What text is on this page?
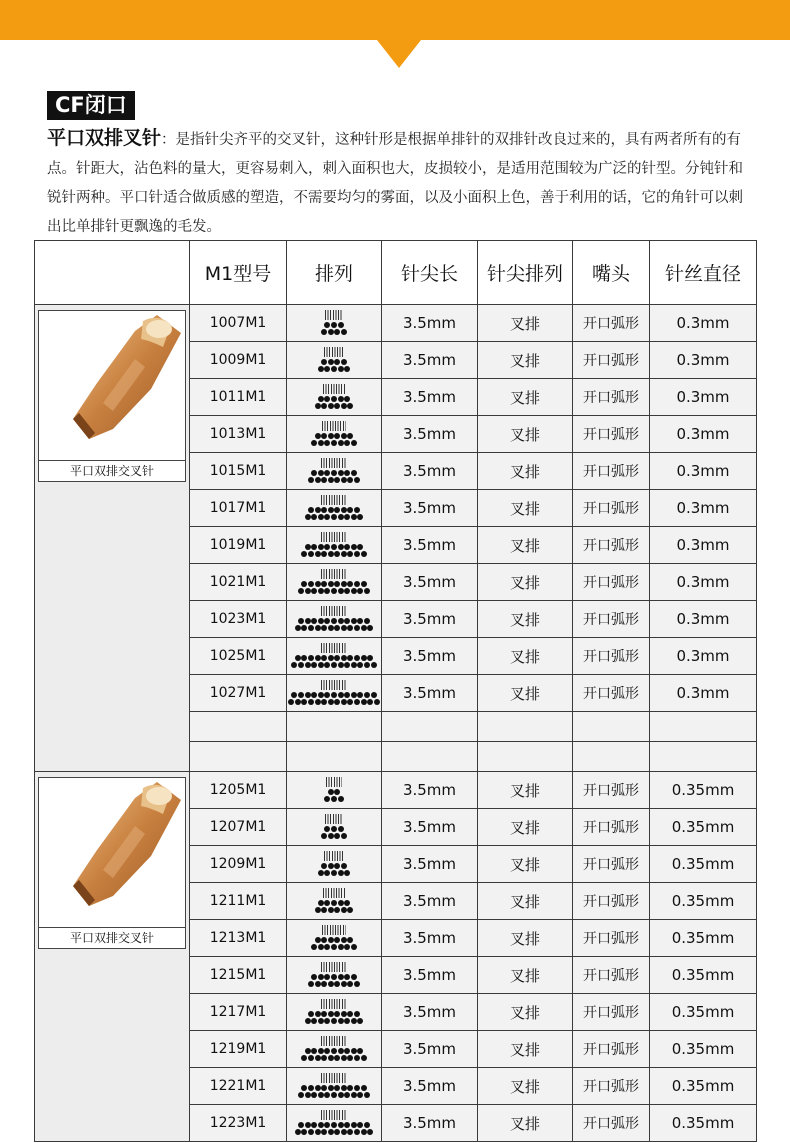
CF闭口
平口双排叉针：是指针尖齐平的交叉针，这种针形是根据单排针的双排针改良过来的，具有两者所有的有点。针距大，沾色料的量大，更容易刺入，刺入面积也大，皮损较小，是适用范围较为广泛的针型。分钝针和锐针两种。平口针适合做质感的塑造，不需要均匀的雾面，以及小面积上色，善于利用的话，它的角针可以刺出比单排针更飘逸的毛发。
	M1型号	排列	针尖长	针尖排列	嘴头	针丝直径

平口双排交叉针	1007M1		3.5mm	叉排	开口弧形	0.3mm
	1009M1		3.5mm	叉排	开口弧形	0.3mm
	1011M1		3.5mm	叉排	开口弧形	0.3mm
	1013M1		3.5mm	叉排	开口弧形	0.3mm
	1015M1		3.5mm	叉排	开口弧形	0.3mm
	1017M1		3.5mm	叉排	开口弧形	0.3mm
	1019M1		3.5mm	叉排	开口弧形	0.3mm
	1021M1		3.5mm	叉排	开口弧形	0.3mm
	1023M1		3.5mm	叉排	开口弧形	0.3mm
	1025M1		3.5mm	叉排	开口弧形	0.3mm
	1027M1		3.5mm	叉排	开口弧形	0.3mm

平口双排交叉针	1205M1		3.5mm	叉排	开口弧形	0.35mm
	1207M1		3.5mm	叉排	开口弧形	0.35mm
	1209M1		3.5mm	叉排	开口弧形	0.35mm
	1211M1		3.5mm	叉排	开口弧形	0.35mm
	1213M1		3.5mm	叉排	开口弧形	0.35mm
	1215M1		3.5mm	叉排	开口弧形	0.35mm
	1217M1		3.5mm	叉排	开口弧形	0.35mm
	1219M1		3.5mm	叉排	开口弧形	0.35mm
	1221M1		3.5mm	叉排	开口弧形	0.35mm
	1223M1		3.5mm	叉排	开口弧形	0.35mm
